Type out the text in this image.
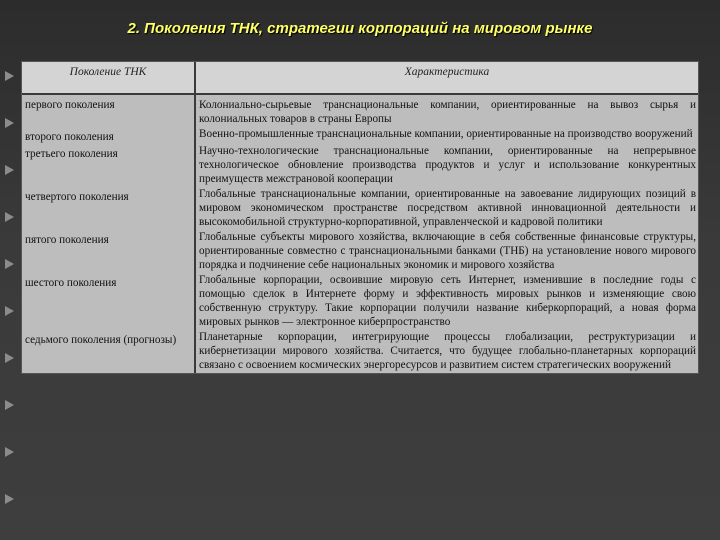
2. Поколения ТНК, стратегии корпораций на мировом рынке
Поколение ТНК	Характеристика
первого поколения	Колониально-сырьевые транснациональные компании, ориентированные на вывоз сырья и колониальных товаров в страны Европы
второго поколения	Военно-промышленные транснациональные компании, ориентированные на производство вооружений
третьего поколения	Научно-технологические транснациональные компании, ориентированные на непрерывное технологическое обновление производства продуктов и услуг и использование конкурентных преимуществ межстрановой кооперации
четвертого поколения	Глобальные транснациональные компании, ориентированные на завоевание лидирующих позиций в мировом экономическом пространстве посредством активной инновационной деятельности и высокомобильной структурно-корпоративной, управленческой и кадровой политики
пятого поколения	Глобальные субъекты мирового хозяйства, включающие в себя собственные финансовые структуры, ориентированные совместно с транснациональными банками (ТНБ) на установление нового мирового порядка и подчинение себе национальных экономик и мирового хозяйства
шестого поколения	Глобальные корпорации, освоившие мировую сеть Интернет, изменившие в последние годы с помощью сделок в Интернете форму и эффективность мировых рынков и изменяющие свою собственную структуру. Такие корпорации получили название киберкорпораций, а новая форма мировых рынков — электронное киберпространство
седьмого поколения (прогнозы)	Планетарные корпорации, интегрирующие процессы глобализации, реструктуризации и кибернетизации мирового хозяйства. Считается, что будущее глобально-планетарных корпораций связано с освоением космических энергоресурсов и развитием систем стратегических вооружений
